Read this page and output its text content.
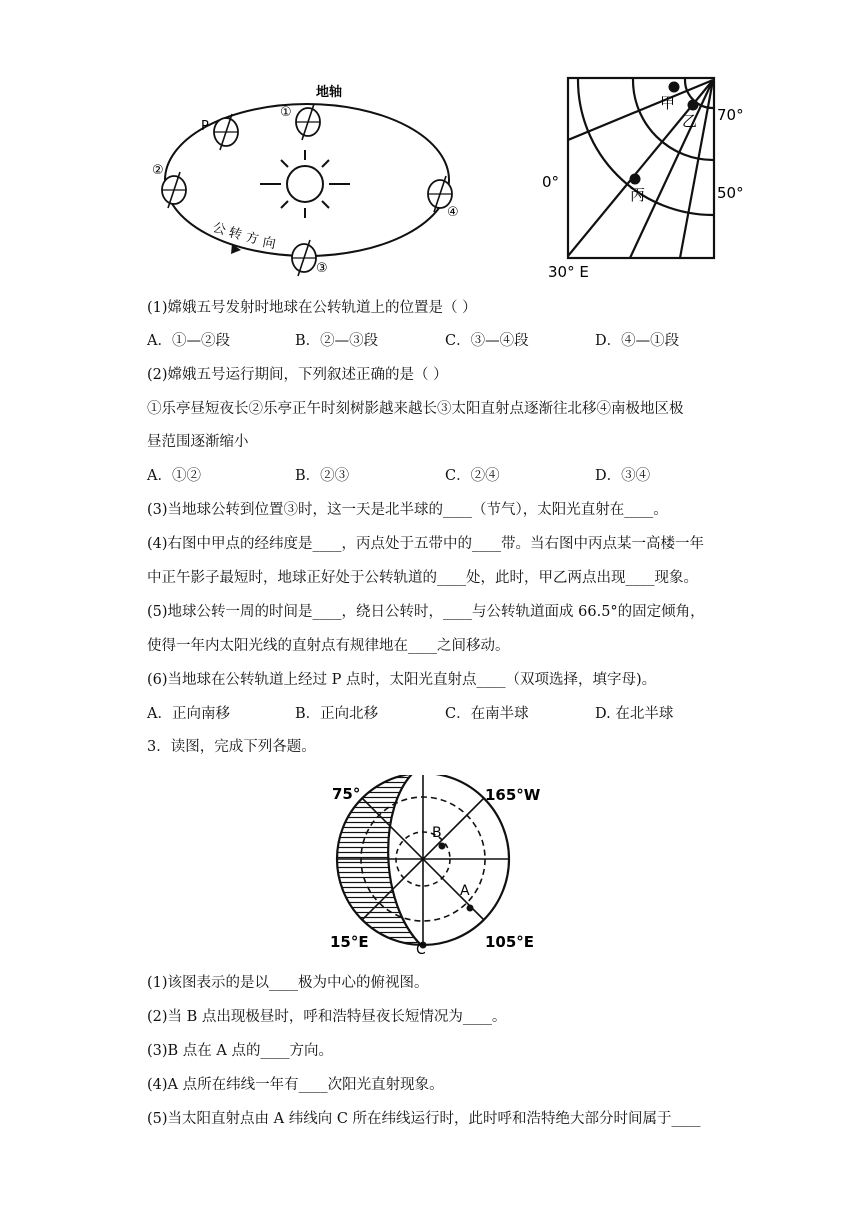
地轴
P
①
②
③
④
公 转 方 向
甲
乙
丙
70°
50°
0°
30° E
(1)嫦娥五号发射时地球在公转轨道上的位置是（ ）
A．①—②段	B．②—③段	C．③—④段	D．④—①段
(2)嫦娥五号运行期间，下列叙述正确的是（ ）
①乐亭昼短夜长②乐亭正午时刻树影越来越长③太阳直射点逐渐往北移④南极地区极
昼范围逐渐缩小
A．①②	B．②③	C．②④	D．③④
(3)当地球公转到位置③时，这一天是北半球的____（节气），太阳光直射在____。
(4)右图中甲点的经纬度是____，丙点处于五带中的____带。当右图中丙点某一高楼一年
中正午影子最短时，地球正好处于公转轨道的____处，此时，甲乙两点出现____现象。
(5)地球公转一周的时间是____，绕日公转时，____与公转轨道面成 66.5°的固定倾角，
使得一年内太阳光线的直射点有规律地在____之间移动。
(6)当地球在公转轨道上经过 P 点时，太阳光直射点____（双项选择，填字母)。
A．正向南移	B．正向北移	C．在南半球	D. 在北半球
3．读图，完成下列各题。
B
A
C
75°	165°W
15°E	105°E
(1)该图表示的是以____极为中心的俯视图。
(2)当 B 点出现极昼时，呼和浩特昼夜长短情况为____。
(3)B 点在 A 点的____方向。
(4)A 点所在纬线一年有____次阳光直射现象。
(5)当太阳直射点由 A 纬线向 C 所在纬线运行时，此时呼和浩特绝大部分时间属于____
